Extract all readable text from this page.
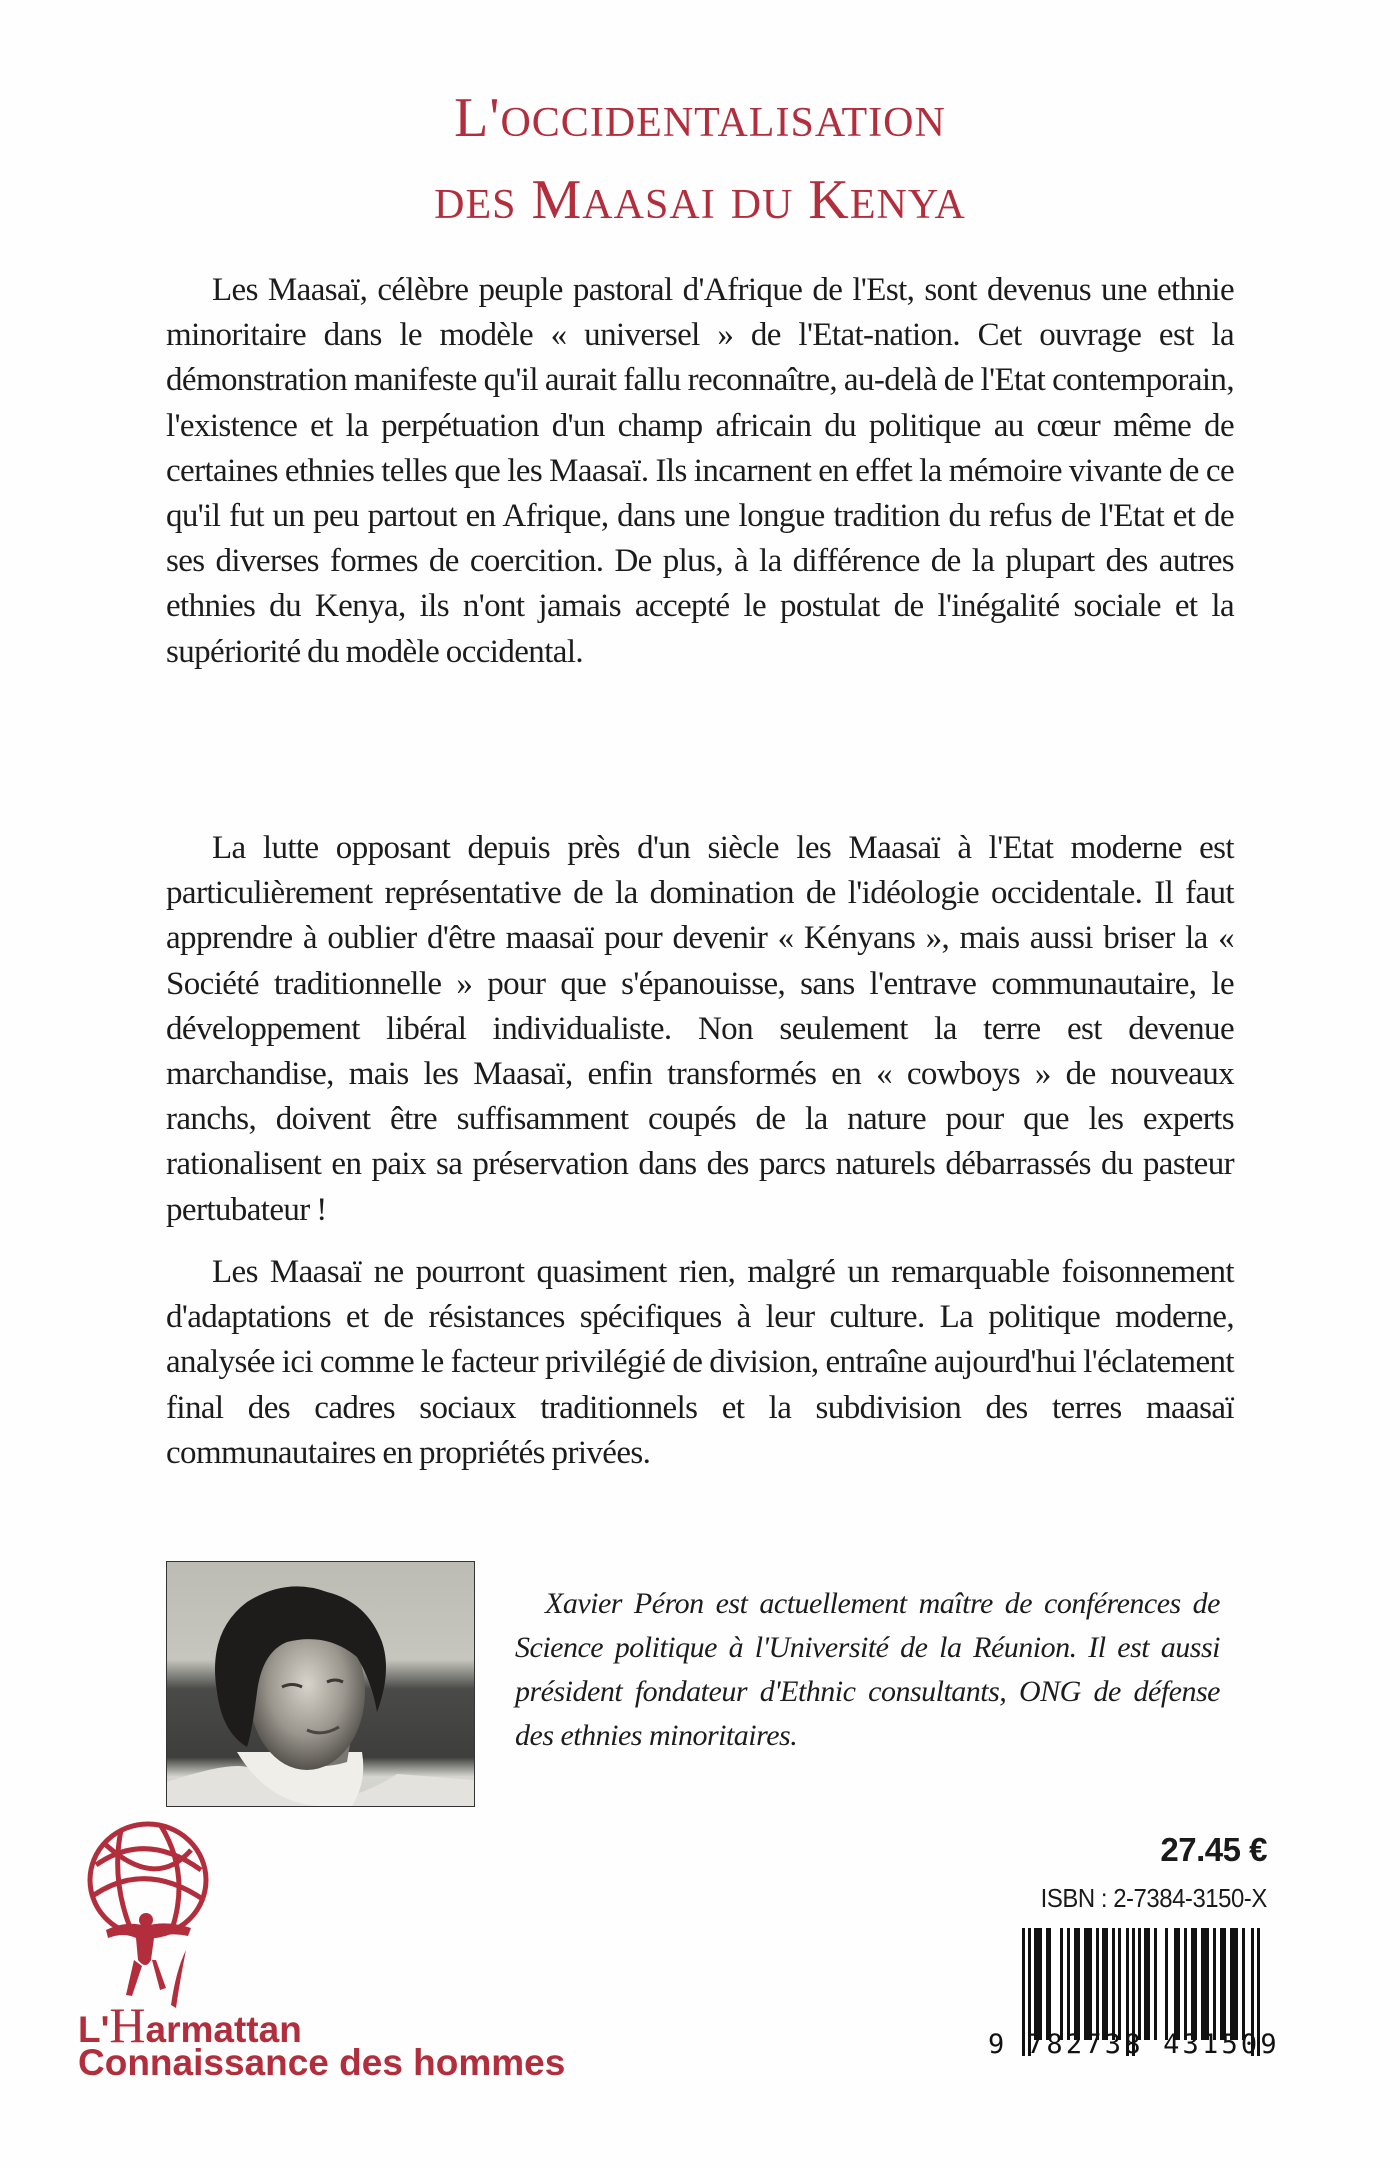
L'OCCIDENTALISATION
DES MAASAI DU KENYA

Les Maasaï, célèbre peuple pastoral d'Afrique de l'Est, sont devenus une ethnie minoritaire dans le modèle « universel » de l'Etat-nation. Cet ouvrage est la démonstration manifeste qu'il aurait fallu reconnaître, au-delà de l'Etat contemporain, l'existence et la perpétuation d'un champ africain du politique au cœur même de certaines ethnies telles que les Maasaï. Ils incarnent en effet la mémoire vivante de ce qu'il fut un peu partout en Afrique, dans une longue tradition du refus de l'Etat et de ses diverses formes de coercition. De plus, à la différence de la plupart des autres ethnies du Kenya, ils n'ont jamais accepté le postulat de l'inégalité sociale et la supériorité du modèle occidental.

La lutte opposant depuis près d'un siècle les Maasaï à l'Etat moderne est particulièrement représentative de la domination de l'idéologie occidentale. Il faut apprendre à oublier d'être maasaï pour devenir « Kényans », mais aussi briser la « Société traditionnelle » pour que s'épanouisse, sans l'entrave communautaire, le développement libéral individualiste. Non seulement la terre est devenue marchandise, mais les Maasaï, enfin transformés en « cowboys » de nouveaux ranchs, doivent être suffisamment coupés de la nature pour que les experts rationalisent en paix sa préservation dans des parcs naturels débarrassés du pasteur pertubateur !

Les Maasaï ne pourront quasiment rien, malgré un remarquable foisonnement d'adaptations et de résistances spécifiques à leur culture. La politique moderne, analysée ici comme le facteur privilégié de division, entraîne aujourd'hui l'éclatement final des cadres sociaux traditionnels et la subdivision des terres maasaï communautaires en propriétés privées.

Xavier Péron est actuellement maître de conférences de Science politique à l'Université de la Réunion. Il est aussi président fondateur d'Ethnic consultants, ONG de défense des ethnies minoritaires.

L'Harmattan
Connaissance des hommes
27.45 €
ISBN : 2-7384-3150-X
9 782738 431509
